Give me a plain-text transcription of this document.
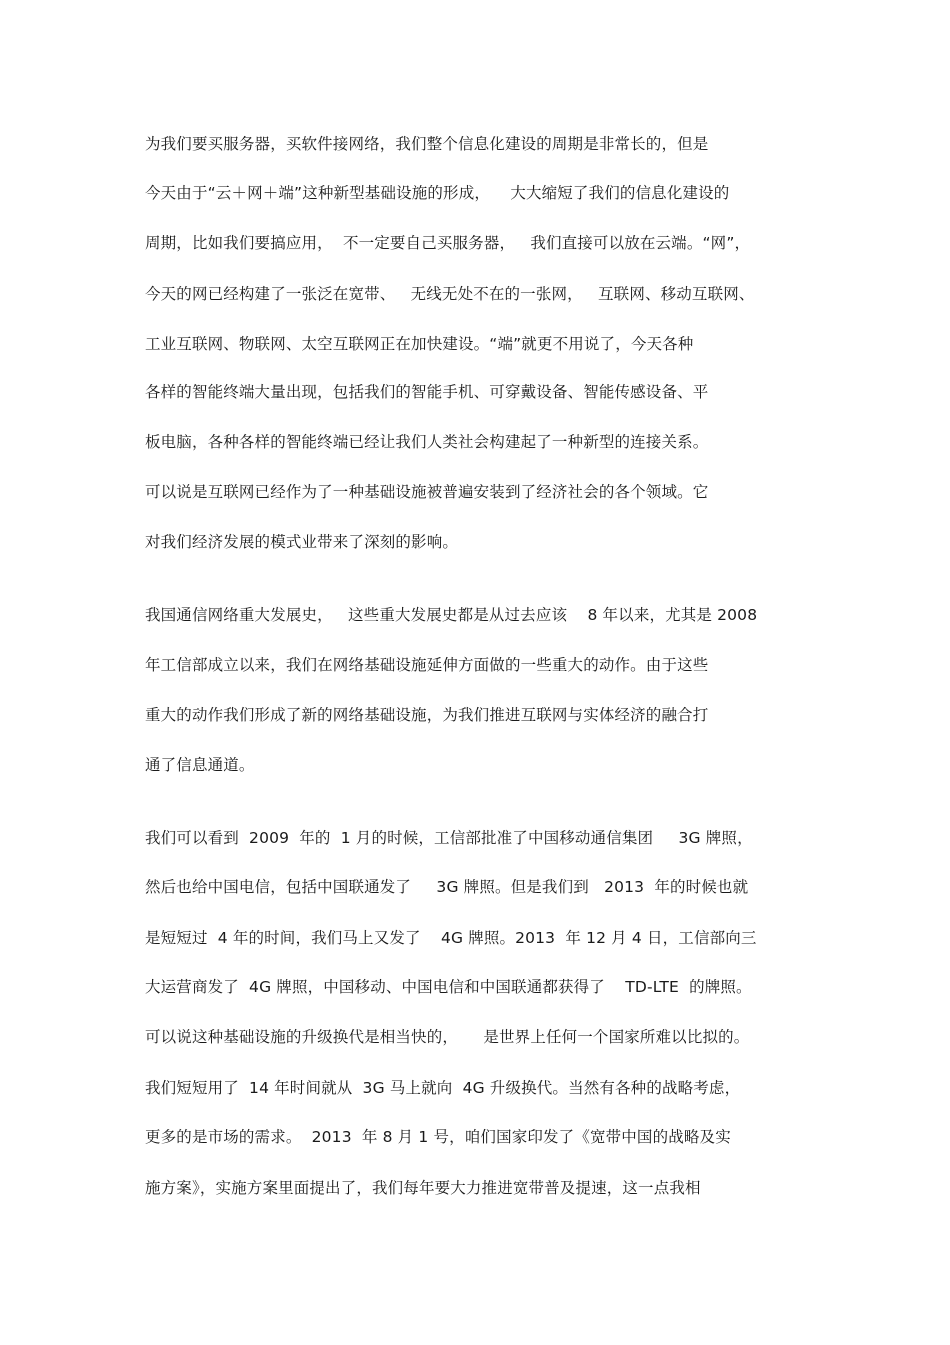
为我们要买服务器，买软件接网络，我们整个信息化建设的周期是非常长的，但是

今天由于“云＋网＋端”这种新型基础设施的形成，    大大缩短了我们的信息化建设的

周期，比如我们要搞应用，  不一定要自己买服务器，   我们直接可以放在云端。“网”，

今天的网已经构建了一张泛在宽带、   无线无处不在的一张网，   互联网、移动互联网、

工业互联网、物联网、太空互联网正在加快建设。“端”就更不用说了，今天各种

各样的智能终端大量出现，包括我们的智能手机、可穿戴设备、智能传感设备、平

板电脑，各种各样的智能终端已经让我们人类社会构建起了一种新型的连接关系。

可以说是互联网已经作为了一种基础设施被普遍安装到了经济社会的各个领域。它

对我们经济发展的模式业带来了深刻的影响。

我国通信网络重大发展史，   这些重大发展史都是从过去应该    8 年以来，尤其是 2008

年工信部成立以来，我们在网络基础设施延伸方面做的一些重大的动作。由于这些

重大的动作我们形成了新的网络基础设施，为我们推进互联网与实体经济的融合打

通了信息通道。

我们可以看到  2009  年的  1 月的时候，工信部批准了中国移动通信集团     3G 牌照，

然后也给中国电信，包括中国联通发了     3G 牌照。但是我们到   2013  年的时候也就

是短短过  4 年的时间，我们马上又发了    4G 牌照。2013  年 12 月 4 日，工信部向三

大运营商发了  4G 牌照，中国移动、中国电信和中国联通都获得了    TD-LTE  的牌照。

可以说这种基础设施的升级换代是相当快的，     是世界上任何一个国家所难以比拟的。

我们短短用了  14 年时间就从  3G 马上就向  4G 升级换代。当然有各种的战略考虑，

更多的是市场的需求。  2013  年 8 月 1 号，咱们国家印发了《宽带中国的战略及实

施方案》，实施方案里面提出了，我们每年要大力推进宽带普及提速，这一点我相
